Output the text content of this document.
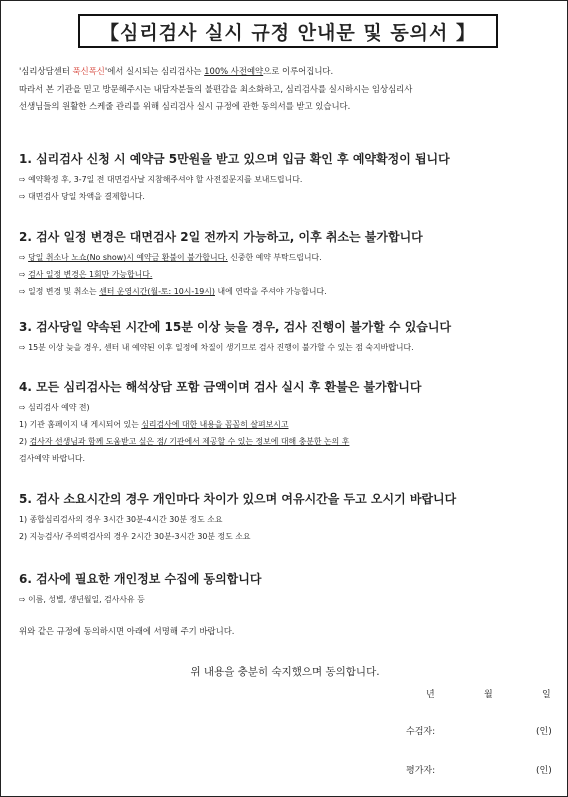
【심리검사 실시 규정 안내문 및 동의서 】
'심리상담센터 푹신폭신'에서 실시되는 심리검사는 100% 사전예약으로 이루어집니다.
따라서 본 기관을 믿고 방문해주시는 내담자분들의 불편감을 최소화하고, 심리검사를 실시하시는 임상심리사
선생님들의 원활한 스케줄 관리를 위해 심리검사 실시 규정에 관한 동의서를 받고 있습니다.
1. 심리검사 신청 시 예약금 5만원을 받고 있으며 입금 확인 후 예약확정이 됩니다
⇨ 예약확정 후, 3-7일 전 대면검사날 지참해주셔야 할 사전질문지를 보내드립니다.
⇨ 대면검사 당일 차액을 결제합니다.
2. 검사 일정 변경은 대면검사 2일 전까지 가능하고, 이후 취소는 불가합니다
⇨ 당일 취소나 노쇼(No show)시 예약금 환불이 불가합니다. 신중한 예약 부탁드립니다.
⇨ 검사 일정 변경은 1회만 가능합니다.
⇨ 일정 변경 및 취소는 센터 운영시간(월-토: 10시-19시) 내에 연락을 주셔야 가능합니다.
3. 검사당일 약속된 시간에 15분 이상 늦을 경우, 검사 진행이 불가할 수 있습니다
⇨ 15분 이상 늦을 경우, 센터 내 예약된 이후 일정에 차질이 생기므로 검사 진행이 불가할 수 있는 점 숙지바랍니다.
4. 모든 심리검사는 해석상담 포함 금액이며 검사 실시 후 환불은 불가합니다
⇨ 심리검사 예약 전)
1) 기관 홈페이지 내 게시되어 있는 심리검사에 대한 내용을 꼼꼼히 살펴보시고
2) 검사자 선생님과 함께 도움받고 싶은 점/ 기관에서 제공할 수 있는 정보에 대해 충분한 논의 후
검사예약 바랍니다.
5. 검사 소요시간의 경우 개인마다 차이가 있으며 여유시간을 두고 오시기 바랍니다
1) 종합심리검사의 경우 3시간 30분-4시간 30분 정도 소요
2) 지능검사/ 주의력검사의 경우 2시간 30분-3시간 30분 정도 소요
6. 검사에 필요한 개인정보 수집에 동의합니다
⇨ 이름, 성별, 생년월일, 검사사유 등
위와 같은 규정에 동의하시면 아래에 서명해 주기 바랍니다.
위 내용을 충분히 숙지했으며 동의합니다.
년	월	일
수검자:	(인)
평가자:	(인)
